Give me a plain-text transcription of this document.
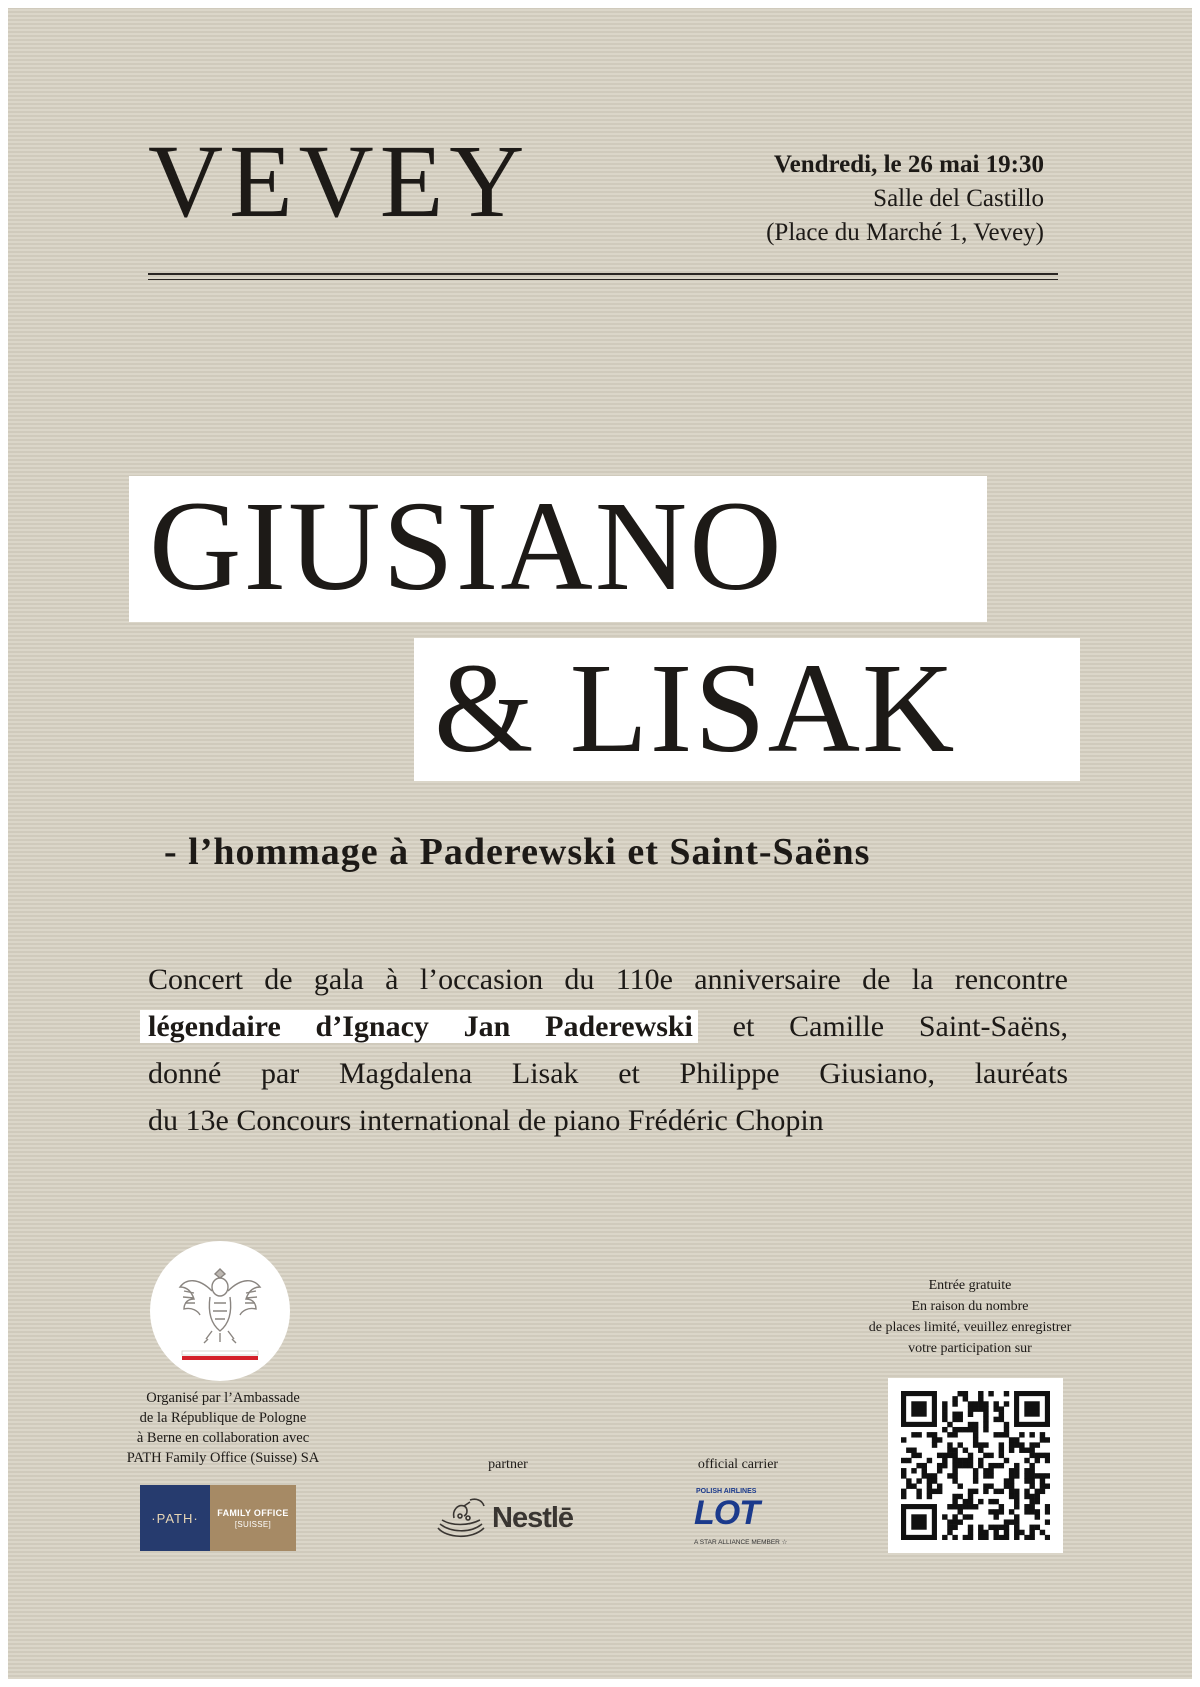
VEVEY	Vendredi, le 26 mai 19:30
Salle del Castillo
(Place du Marché 1, Vevey)
GIUSIANO
& LISAK
- l’hommage à Paderewski et Saint-Saëns
Concert de gala à l’occasion du 110e anniversaire de la rencontre
légendaire d’Ignacy Jan Paderewski et Camille Saint-Saëns,
donné par Magdalena Lisak et Philippe Giusiano, lauréats
du 13e Concours international de piano Frédéric Chopin
Organisé par l’Ambassade
de la République de Pologne
à Berne en collaboration avec
PATH Family Office (Suisse) SA
·PATH·	FAMILY OFFICE
[SUISSE]
partner
Nestlē
official carrier
POLISH AIRLINES
LOT
A STAR ALLIANCE MEMBER ☆
Entrée gratuite
En raison du nombre
de places limité, veuillez enregistrer
votre participation sur
